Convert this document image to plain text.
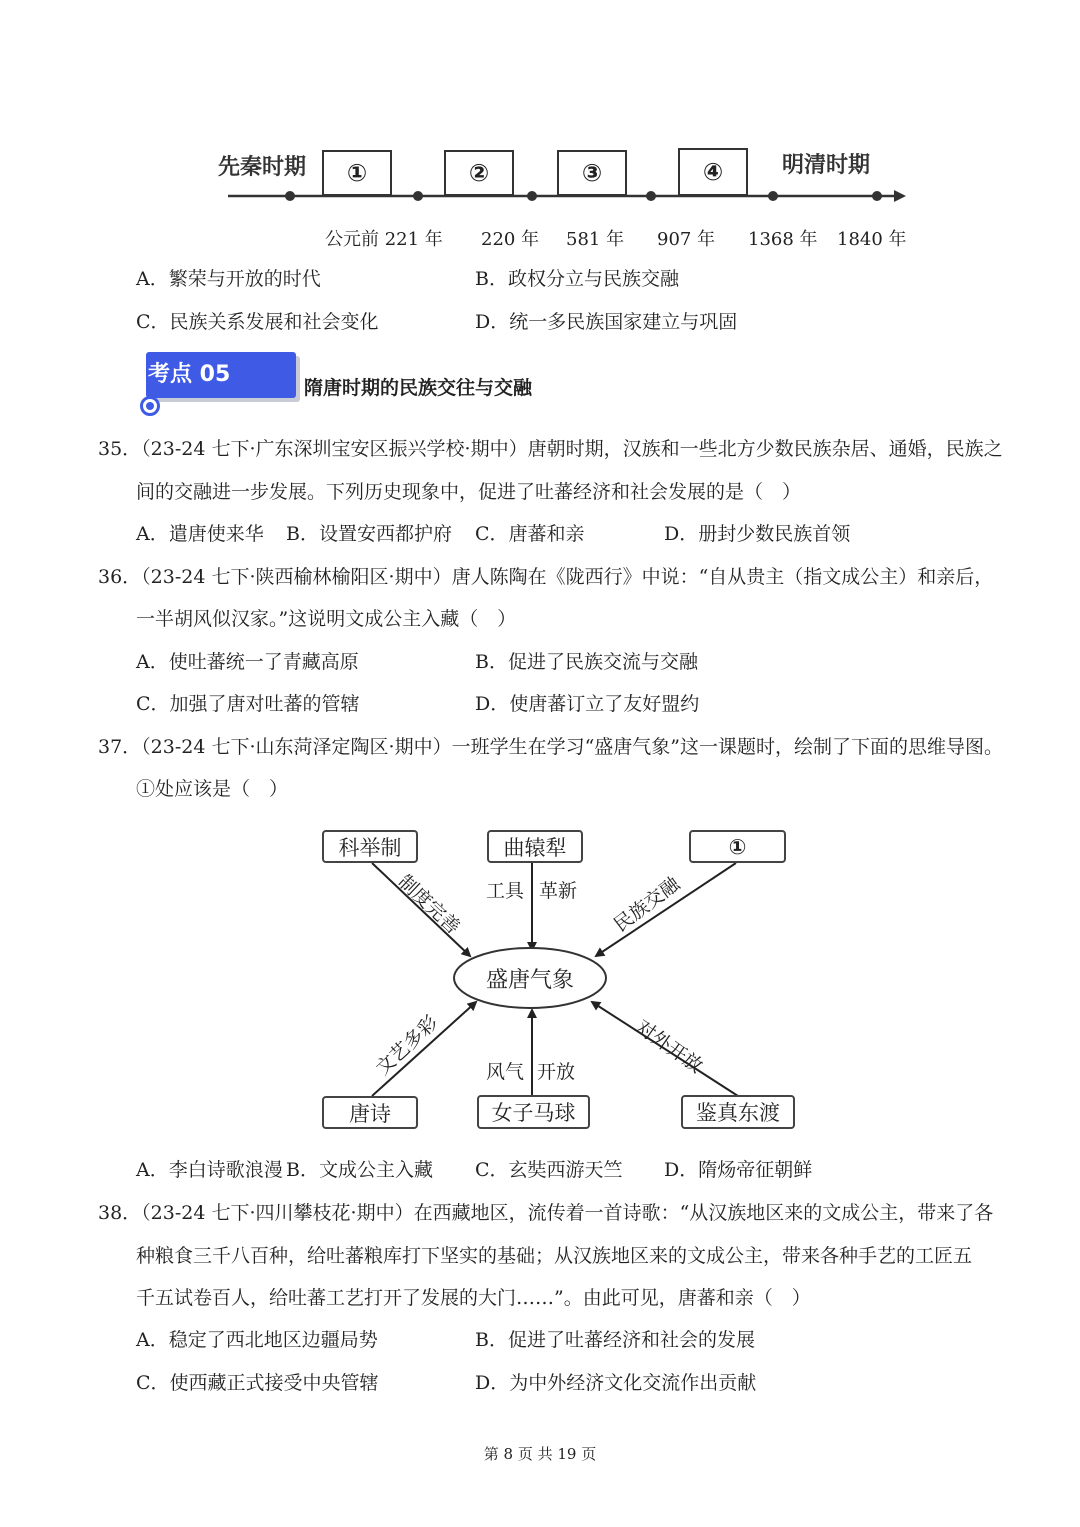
先秦时期	明清时期
①	②	③	④
公元前 221 年 220 年 581 年 907 年 1368 年 1840 年
A．繁荣与开放的时代	B．政权分立与民族交融
C．民族关系发展和社会变化	D．统一多民族国家建立与巩固
考点 05
隋唐时期的民族交往与交融
35．（23-24 七下·广东深圳宝安区振兴学校·期中）唐朝时期，汉族和一些北方少数民族杂居、通婚，民族之
间的交融进一步发展。下列历史现象中，促进了吐蕃经济和社会发展的是（　）
A．遣唐使来华 B．设置安西都护府 C．唐蕃和亲	D．册封少数民族首领
36．（23-24 七下·陕西榆林榆阳区·期中）唐人陈陶在《陇西行》中说：“自从贵主（指文成公主）和亲后，
一半胡风似汉家。”这说明文成公主入藏（　）
A．使吐蕃统一了青藏高原	B．促进了民族交流与交融
C．加强了唐对吐蕃的管辖	D．使唐蕃订立了友好盟约
37．（23-24 七下·山东菏泽定陶区·期中）一班学生在学习“盛唐气象”这一课题时，绘制了下面的思维导图。
①处应该是（　）
盛唐气象
科举制	曲辕犁	①
唐诗	女子马球	鉴真东渡
制度完善 工具 革新 民族交融
文艺多彩 风气 开放	对外开放
A．李白诗歌浪漫 B．文成公主入藏 C．玄奘西游天竺 D．隋炀帝征朝鲜
38．（23-24 七下·四川攀枝花·期中）在西藏地区，流传着一首诗歌：“从汉族地区来的文成公主，带来了各
种粮食三千八百种，给吐蕃粮库打下坚实的基础；从汉族地区来的文成公主，带来各种手艺的工匠五
千五试卷百人，给吐蕃工艺打开了发展的大门……”。由此可见，唐蕃和亲（　）
A．稳定了西北地区边疆局势	B．促进了吐蕃经济和社会的发展
C．使西藏正式接受中央管辖	D．为中外经济文化交流作出贡献
第 8 页 共 19 页
